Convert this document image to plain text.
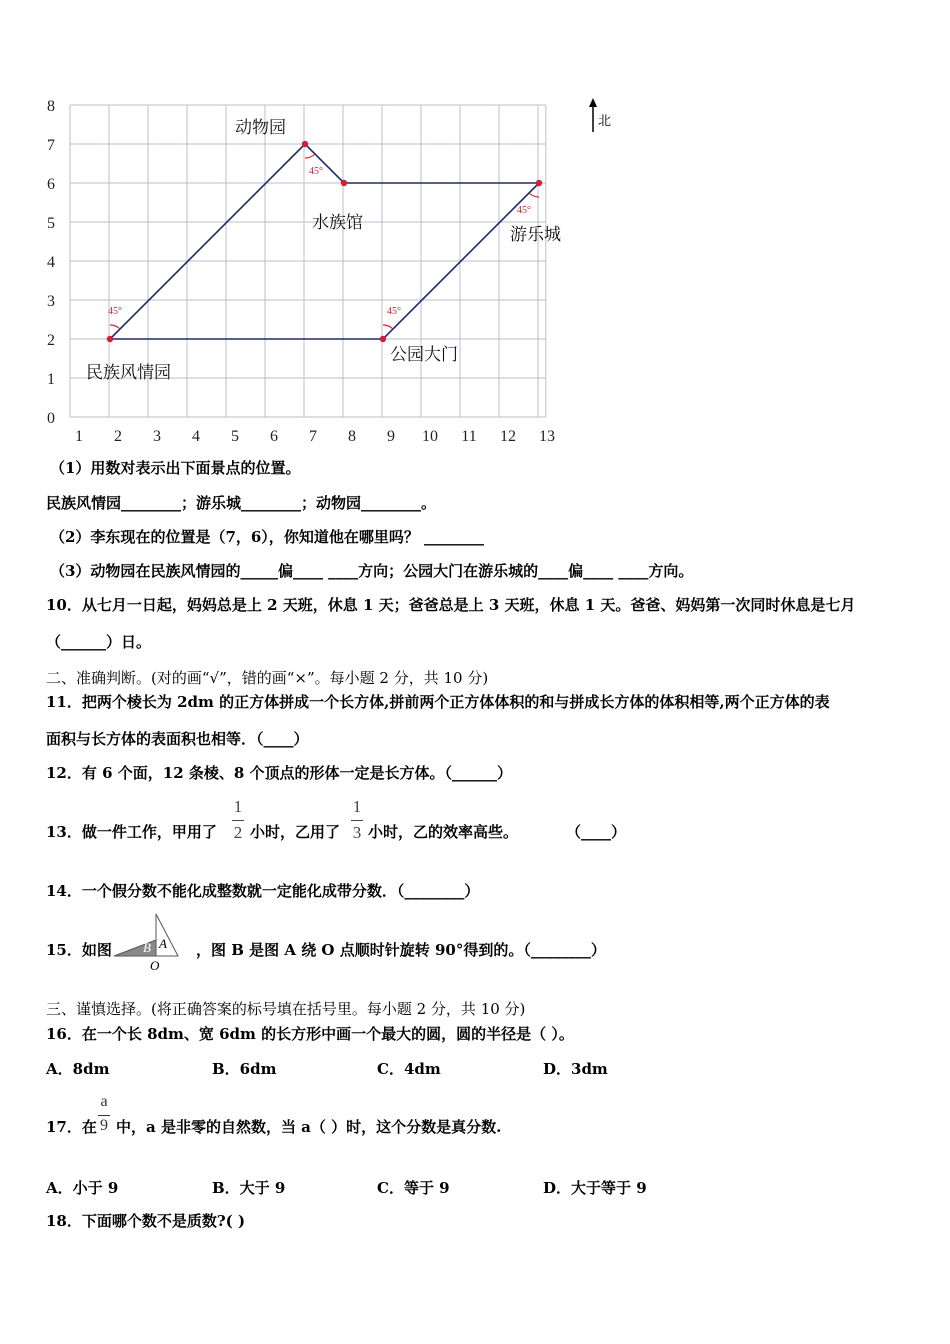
0
1
2
3
4
5
6
7
8
1 2 3 4 5 6 7 8 9 10 11 12 13
45°
45°
45°
45°
北
动物园
水族馆
游乐城
公园大门
民族风情园
（1）用数对表示出下面景点的位置。
民族风情园________；游乐城________；动物园________。
（2）李东现在的位置是（7，6），你知道他在哪里吗？ ________
（3）动物园在民族风情园的_____偏____ ____方向；公园大门在游乐城的____偏____ ____方向。
10．从七月一日起，妈妈总是上 2 天班，休息 1 天；爸爸总是上 3 天班，休息 1 天。爸爸、妈妈第一次同时休息是七月
（______）日。
二、准确判断。(对的画“√”，错的画“×”。每小题 2 分，共 10 分)
11．把两个棱长为 2dm 的正方体拼成一个长方体,拼前两个正方体体积的和与拼成长方体的体积相等,两个正方体的表
面积与长方体的表面积也相等．（____）
12．有 6 个面，12 条棱、8 个顶点的形体一定是长方体。（______）
13．做一件工作，甲用了
1
2 小时，乙用了
1
3 小时，乙的效率高些。	（____）
14．一个假分数不能化成整数就一定能化成带分数．（________）
15．如图 B A
O
，图 B 是图 A 绕 O 点顺时针旋转 90°得到的。（________）
三、谨慎选择。(将正确答案的标号填在括号里。每小题 2 分，共 10 分)
16．在一个长 8dm、宽 6dm 的长方形中画一个最大的圆，圆的半径是（ ）。
A．8dm	B．6dm	C．4dm	D．3dm
17．在
a
9 中，a 是非零的自然数，当 a（ ）时，这个分数是真分数.
A．小于 9	B．大于 9	C．等于 9	D．大于等于 9
18．下面哪个数不是质数?( )
